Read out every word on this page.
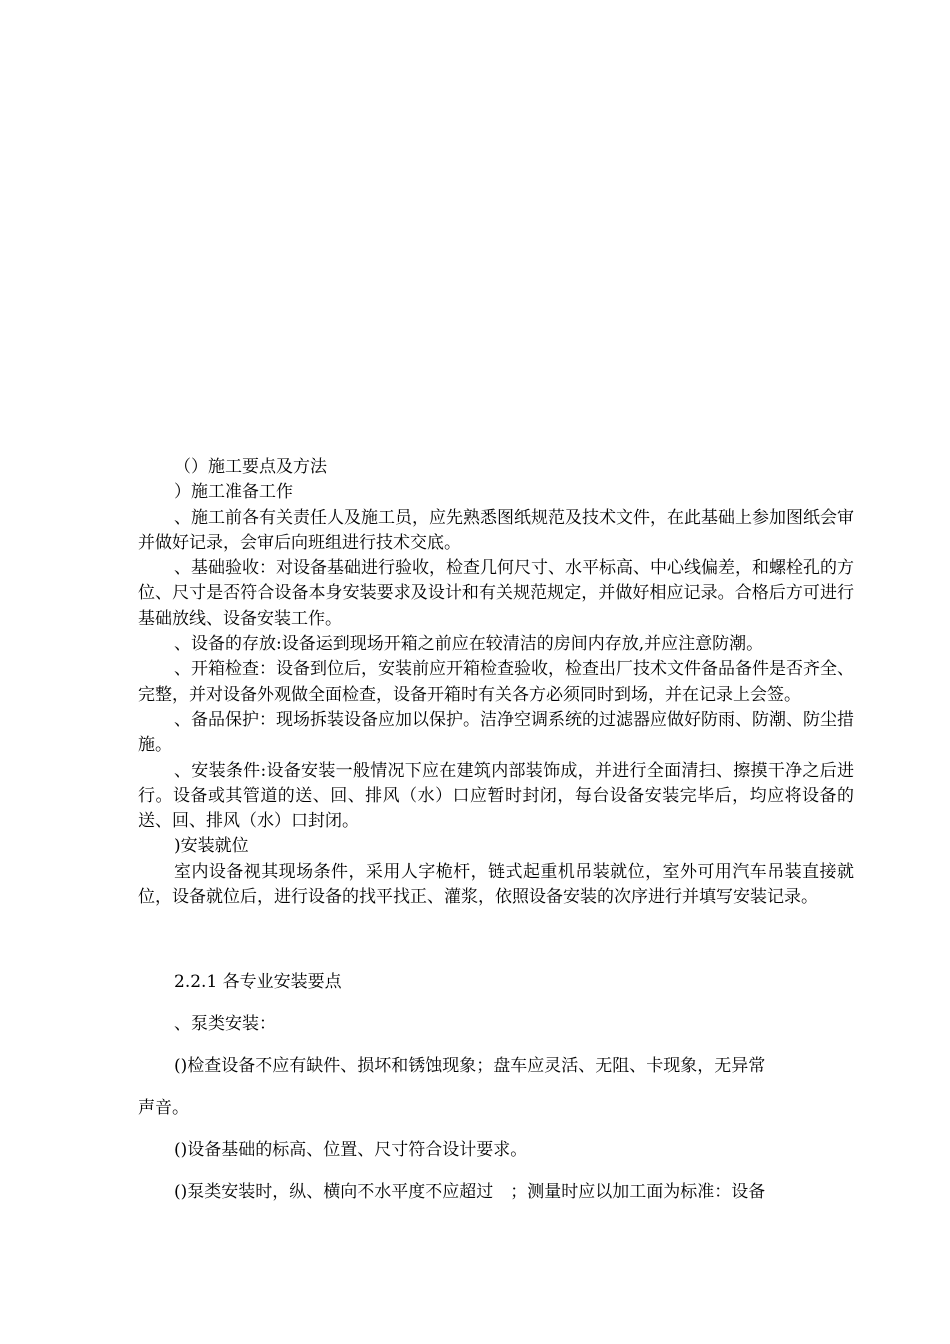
（）施工要点及方法

）施工准备工作

、施工前各有关责任人及施工员，应先熟悉图纸规范及技术文件，在此基础上参加图纸会审并做好记录，会审后向班组进行技术交底。

、基础验收：对设备基础进行验收，检查几何尺寸、水平标高、中心线偏差，和螺栓孔的方位、尺寸是否符合设备本身安装要求及设计和有关规范规定，并做好相应记录。合格后方可进行基础放线、设备安装工作。

、设备的存放:设备运到现场开箱之前应在较清洁的房间内存放,并应注意防潮。

、开箱检查：设备到位后，安装前应开箱检查验收，检查出厂技术文件备品备件是否齐全、完整，并对设备外观做全面检查，设备开箱时有关各方必须同时到场，并在记录上会签。

、备品保护：现场拆装设备应加以保护。洁净空调系统的过滤器应做好防雨、防潮、防尘措施。

、安装条件:设备安装一般情况下应在建筑内部装饰成，并进行全面清扫、擦摸干净之后进行。设备或其管道的送、回、排风（水）口应暂时封闭，每台设备安装完毕后，均应将设备的送、回、排风（水）口封闭。

)安装就位

室内设备视其现场条件，采用人字桅杆，链式起重机吊装就位，室外可用汽车吊装直接就位，设备就位后，进行设备的找平找正、灌浆，依照设备安装的次序进行并填写安装记录。

2.2.1 各专业安装要点

、泵类安装：

()检查设备不应有缺件、损坏和锈蚀现象；盘车应灵活、无阻、卡现象，无异常

声音。

()设备基础的标高、位置、尺寸符合设计要求。

()泵类安装时，纵、横向不水平度不应超过　；测量时应以加工面为标准：设备
